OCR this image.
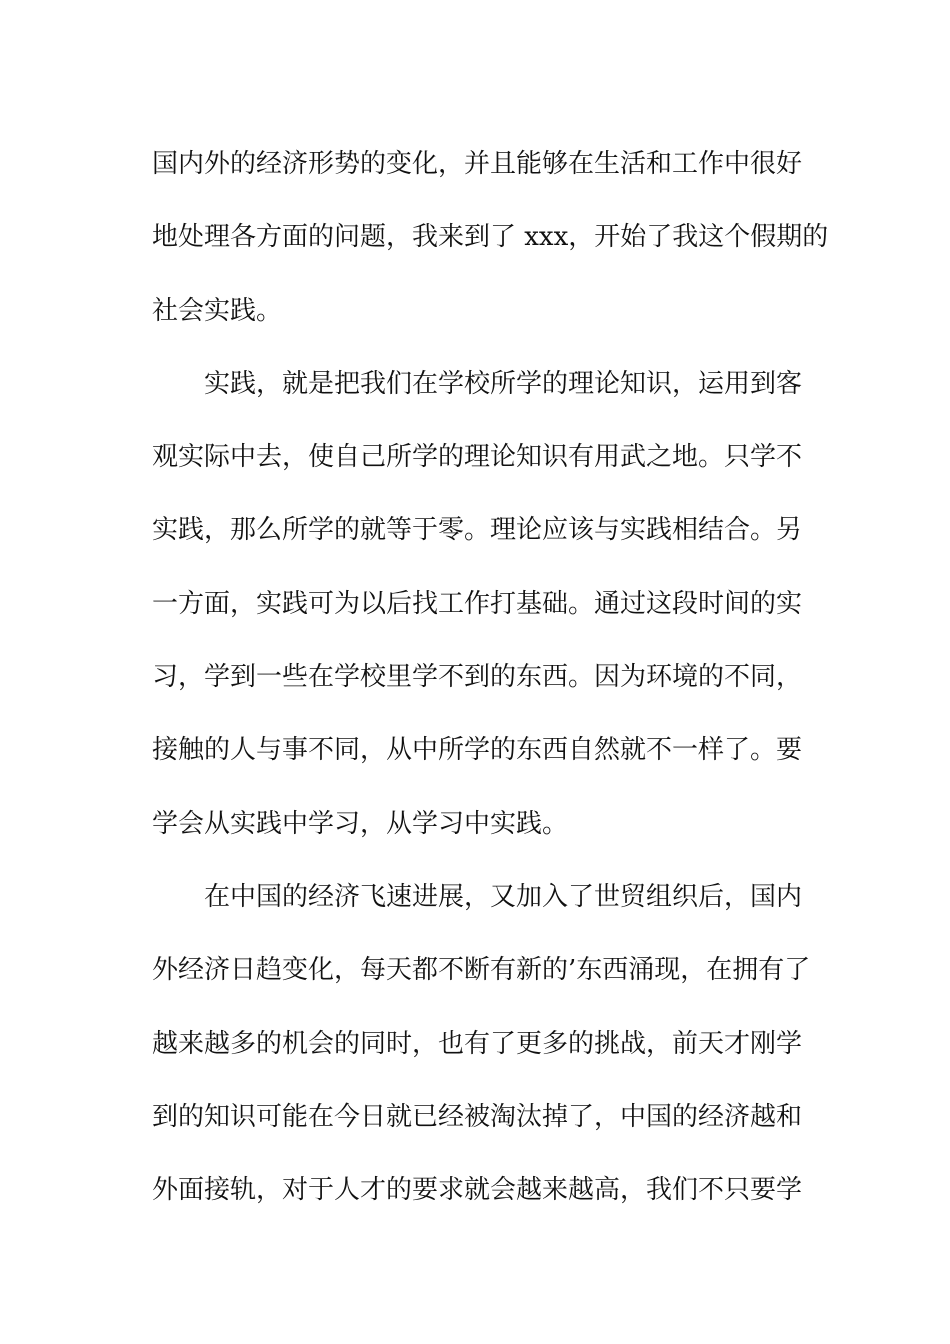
国内外的经济形势的变化，并且能够在生活和工作中很好
地处理各方面的问题，我来到了 xxx，开始了我这个假期的
社会实践。
实践，就是把我们在学校所学的理论知识，运用到客
观实际中去，使自己所学的理论知识有用武之地。只学不
实践，那么所学的就等于零。理论应该与实践相结合。另
一方面，实践可为以后找工作打基础。通过这段时间的实
习，学到一些在学校里学不到的东西。因为环境的不同，
接触的人与事不同，从中所学的东西自然就不一样了。要
学会从实践中学习，从学习中实践。
在中国的经济飞速进展，又加入了世贸组织后，国内
外经济日趋变化，每天都不断有新的’东西涌现，在拥有了
越来越多的机会的同时，也有了更多的挑战，前天才刚学
到的知识可能在今日就已经被淘汰掉了，中国的经济越和
外面接轨，对于人才的要求就会越来越高，我们不只要学
